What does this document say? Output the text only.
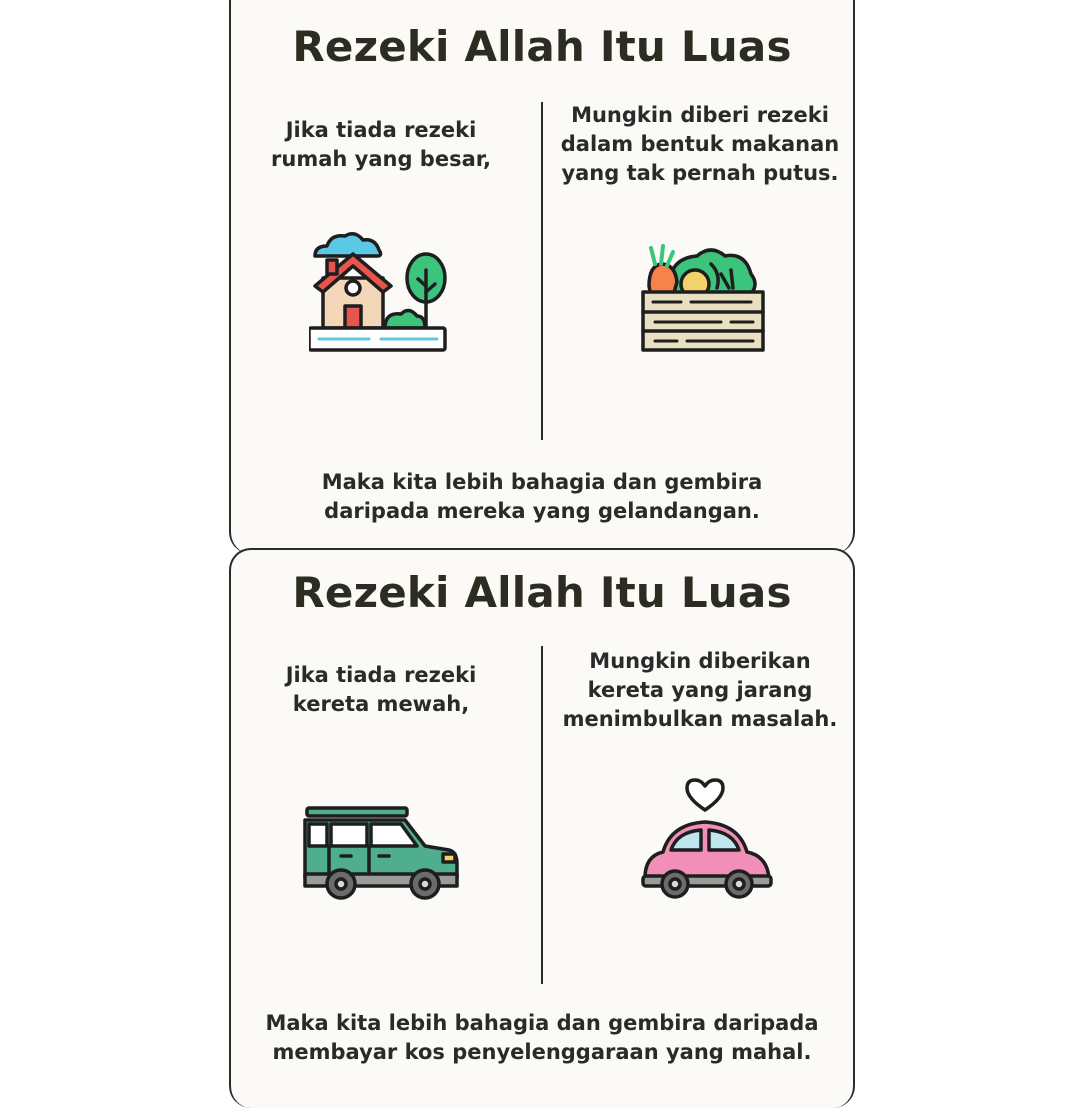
Rezeki Allah Itu Luas
Jika tiada rezeki
rumah yang besar,
Mungkin diberi rezeki
dalam bentuk makanan
yang tak pernah putus.
Maka kita lebih bahagia dan gembira
daripada mereka yang gelandangan.
Rezeki Allah Itu Luas
Jika tiada rezeki
kereta mewah,
Mungkin diberikan
kereta yang jarang
menimbulkan masalah.
Maka kita lebih bahagia dan gembira daripada
membayar kos penyelenggaraan yang mahal.
